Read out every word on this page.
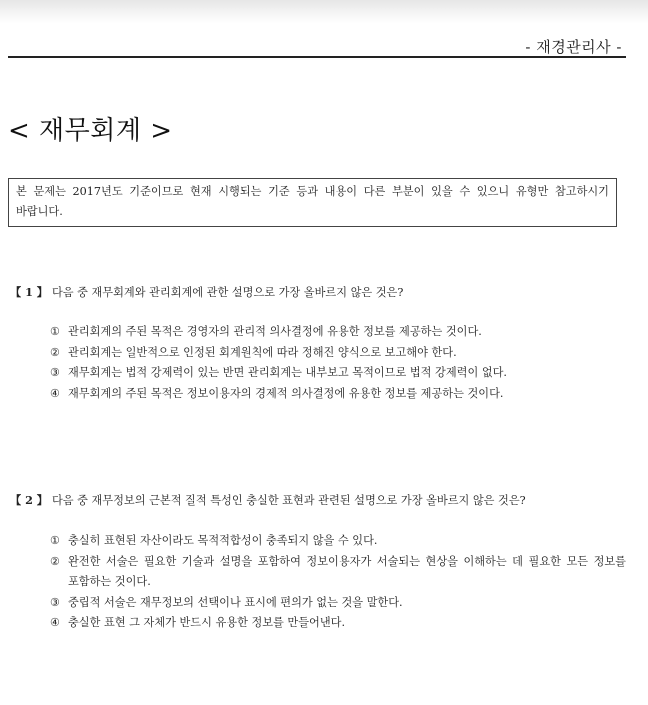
- 재경관리사 -
< 재무회계 >
본 문제는 2017년도 기준이므로 현재 시행되는 기준 등과 내용이 다른 부분이 있을 수 있으니 유형만 참고하시기 바랍니다.
【 1 】 다음 중 재무회계와 관리회계에 관한 설명으로 가장 올바르지 않은 것은?
① 관리회계의 주된 목적은 경영자의 관리적 의사결정에 유용한 정보를 제공하는 것이다.
② 관리회계는 일반적으로 인정된 회계원칙에 따라 정해진 양식으로 보고해야 한다.
③ 재무회계는 법적 강제력이 있는 반면 관리회계는 내부보고 목적이므로 법적 강제력이 없다.
④ 재무회계의 주된 목적은 정보이용자의 경제적 의사결정에 유용한 정보를 제공하는 것이다.
【 2 】 다음 중 재무정보의 근본적 질적 특성인 충실한 표현과 관련된 설명으로 가장 올바르지 않은 것은?
① 충실히 표현된 자산이라도 목적적합성이 충족되지 않을 수 있다.
② 완전한 서술은 필요한 기술과 설명을 포함하여 정보이용자가 서술되는 현상을 이해하는 데 필요한 모든 정보를 포함하는 것이다.
③ 중립적 서술은 재무정보의 선택이나 표시에 편의가 없는 것을 말한다.
④ 충실한 표현 그 자체가 반드시 유용한 정보를 만들어낸다.
